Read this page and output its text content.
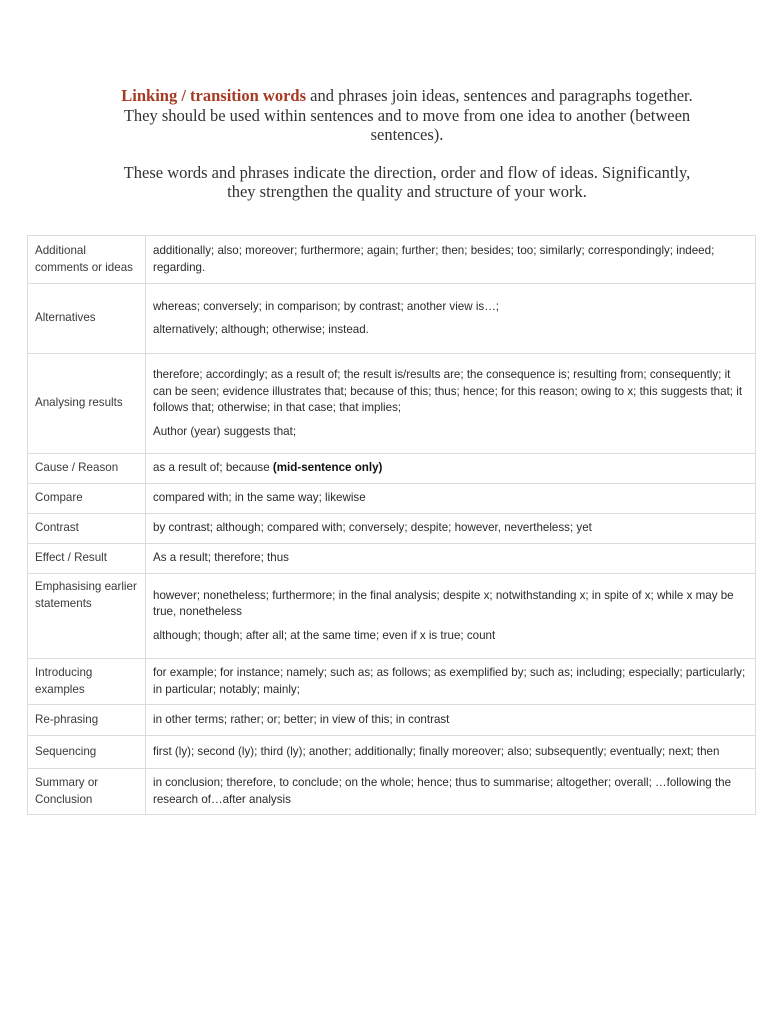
Linking / transition words and phrases join ideas, sentences and paragraphs together. They should be used within sentences and to move from one idea to another (between sentences).

These words and phrases indicate the direction, order and flow of ideas. Significantly, they strengthen the quality and structure of your work.

Additional comments or ideas	additionally; also; moreover; furthermore; again; further; then; besides; too; similarly; correspondingly; indeed; regarding.

Alternatives	whereas; conversely; in comparison; by contrast; another view is…;
alternatively; although; otherwise; instead.

Analysing results	therefore; accordingly; as a result of; the result is/results are; the consequence is; resulting from; consequently; it can be seen; evidence illustrates that; because of this; thus; hence; for this reason; owing to x; this suggests that; it follows that; otherwise; in that case; that implies;
Author (year) suggests that;

Cause / Reason	as a result of; because (mid-sentence only)

Compare	compared with; in the same way; likewise

Contrast	by contrast; although; compared with; conversely; despite; however, nevertheless; yet

Effect / Result	As a result; therefore; thus

Emphasising earlier statements	however; nonetheless; furthermore; in the final analysis; despite x; notwithstanding x; in spite of x; while x may be true, nonetheless
although; though; after all; at the same time; even if x is true; count

Introducing examples	for example; for instance; namely; such as; as follows; as exemplified by; such as; including; especially; particularly; in particular; notably; mainly;

Re-phrasing	in other terms; rather; or; better; in view of this; in contrast

Sequencing	first (ly); second (ly); third (ly); another; additionally; finally moreover; also; subsequently; eventually; next; then

Summary or Conclusion	in conclusion; therefore, to conclude; on the whole; hence; thus to summarise; altogether; overall; …following the research of…after analysis
